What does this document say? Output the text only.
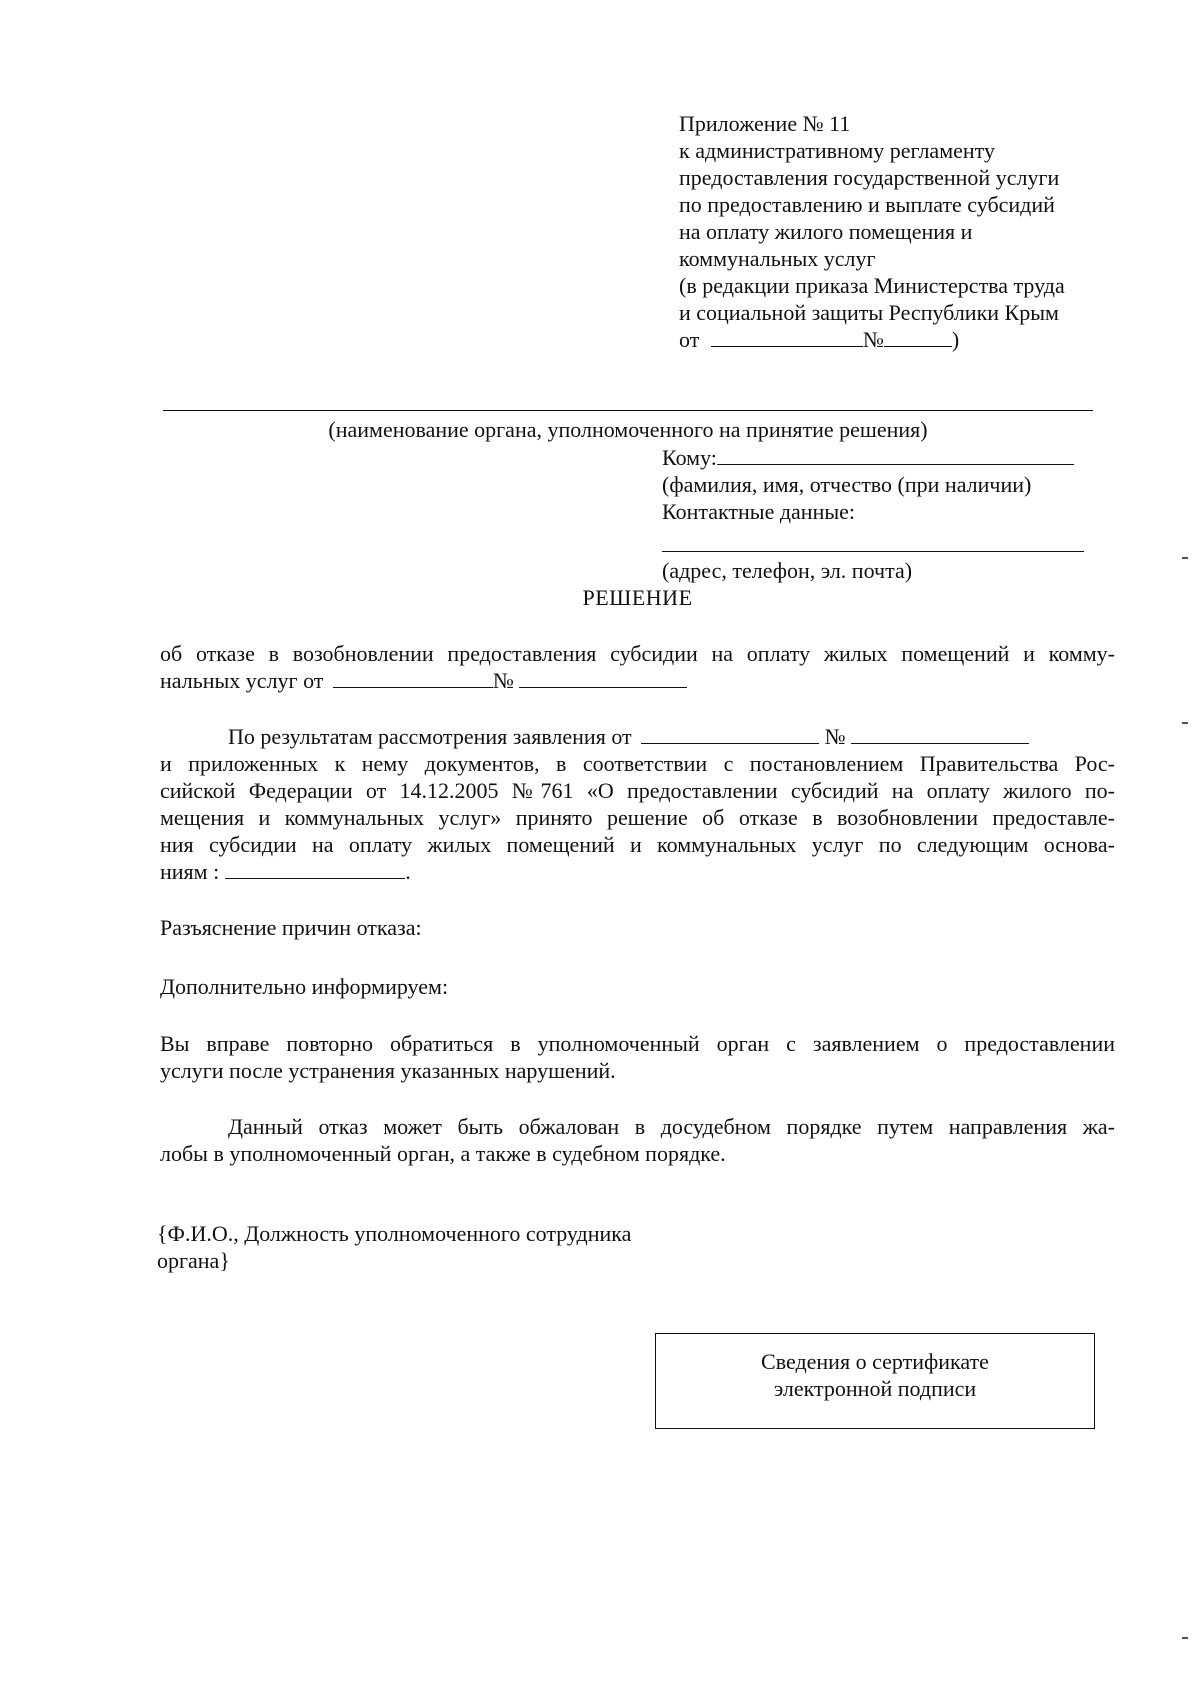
Приложение № 11
к административному регламенту
предоставления государственной услуги
по предоставлению и выплате субсидий
на оплату жилого помещения и
коммунальных услуг
(в редакции приказа Министерства труда
и социальной защиты Республики Крым
от	№	)
(наименование органа, уполномоченного на принятие решения)
Кому:
(фамилия, имя, отчество (при наличии)
Контактные данные:
(адрес, телефон, эл. почта)
РЕШЕНИЕ
об отказе в возобновлении предоставления субсидии на оплату жилых помещений и комму-
нальных услуг от	№
По результатам рассмотрения заявления от	№
и приложенных к нему документов, в соответствии с постановлением Правительства Рос-
сийской Федерации от 14.12.2005 №761 «О предоставлении субсидий на оплату жилого по-
мещения и коммунальных услуг» принято решение об отказе в возобновлении предоставле-
ния субсидии на оплату жилых помещений и коммунальных услуг по следующим основа-
ниям :	.
Разъяснение причин отказа:
Дополнительно информируем:
Вы вправе повторно обратиться в уполномоченный орган с заявлением о предоставлении
услуги после устранения указанных нарушений.
Данный отказ может быть обжалован в досудебном порядке путем направления жа-
лобы в уполномоченный орган, а также в судебном порядке.
{Ф.И.О., Должность уполномоченного сотрудника
органа}
Сведения о сертификате
электронной подписи
